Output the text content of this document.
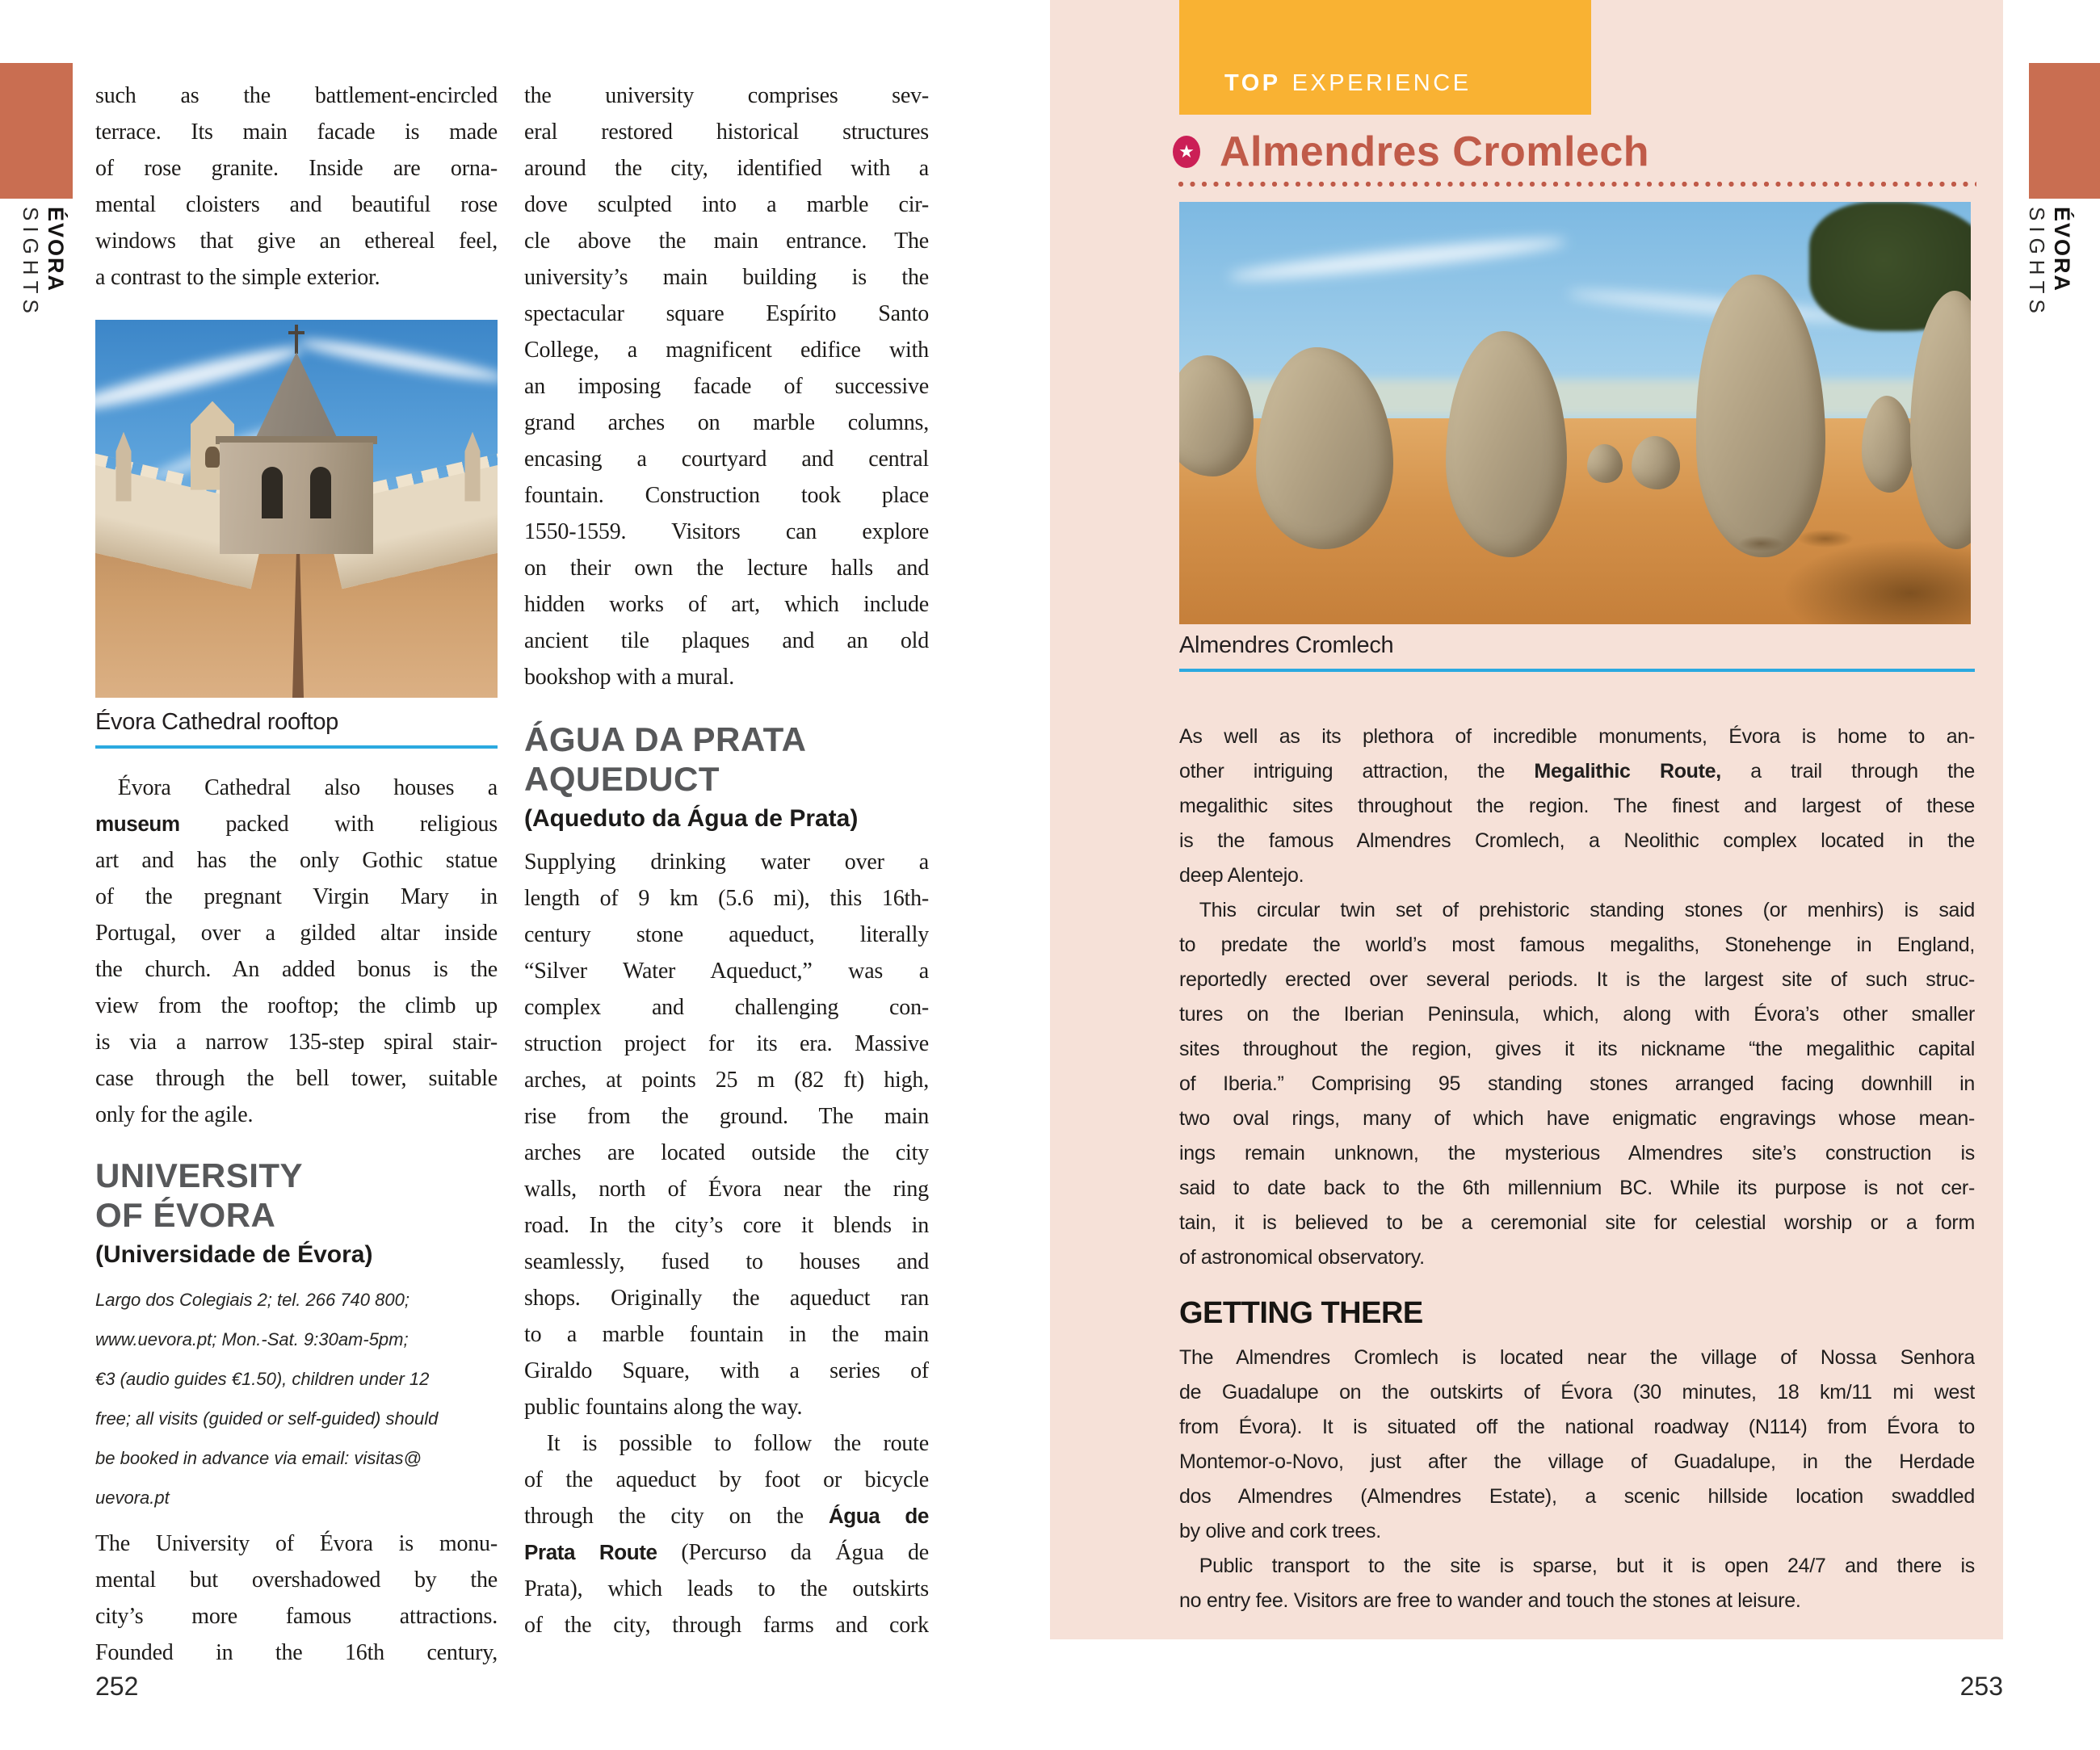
ÉVORA
SIGHTS
such as the battlement-encircled
terrace. Its main facade is made
of rose granite. Inside are orna-
mental cloisters and beautiful rose
windows that give an ethereal feel,
a contrast to the simple exterior.
Évora Cathedral rooftop
 Évora Cathedral also houses a
museum packed with religious
art and has the only Gothic statue
of the pregnant Virgin Mary in
Portugal, over a gilded altar inside
the church. An added bonus is the
view from the rooftop; the climb up
is via a narrow 135-step spiral stair-
case through the bell tower, suitable
only for the agile.
UNIVERSITY
OF ÉVORA
(Universidade de Évora)
Largo dos Colegiais 2; tel. 266 740 800;
www.uevora.pt; Mon.-Sat. 9:30am-5pm;
€3 (audio guides €1.50), children under 12
free; all visits (guided or self-guided) should
be booked in advance via email: visitas@
uevora.pt
The University of Évora is monu-
mental but overshadowed by the
city’s more famous attractions.
Founded in the 16th century,
the university comprises sev-
eral restored historical structures
around the city, identified with a
dove sculpted into a marble cir-
cle above the main entrance. The
university’s main building is the
spectacular square Espírito Santo
College, a magnificent edifice with
an imposing facade of successive
grand arches on marble columns,
encasing a courtyard and central
fountain. Construction took place
1550-1559. Visitors can explore
on their own the lecture halls and
hidden works of art, which include
ancient tile plaques and an old
bookshop with a mural.
ÁGUA DA PRATA
AQUEDUCT
(Aqueduto da Água de Prata)
Supplying drinking water over a
length of 9 km (5.6 mi), this 16th-
century stone aqueduct, literally
“Silver Water Aqueduct,” was a
complex and challenging con-
struction project for its era. Massive
arches, at points 25 m (82 ft) high,
rise from the ground. The main
arches are located outside the city
walls, north of Évora near the ring
road. In the city’s core it blends in
seamlessly, fused to houses and
shops. Originally the aqueduct ran
to a marble fountain in the main
Giraldo Square, with a series of
public fountains along the way.
 It is possible to follow the route
of the aqueduct by foot or bicycle
through the city on the Água de
Prata Route (Percurso da Água de
Prata), which leads to the outskirts
of the city, through farms and cork
252
TOP EXPERIENCE
★ Almendres Cromlech
Almendres Cromlech
As well as its plethora of incredible monuments, Évora is home to an-
other intriguing attraction, the Megalithic Route, a trail through the
megalithic sites throughout the region. The finest and largest of these
is the famous Almendres Cromlech, a Neolithic complex located in the
deep Alentejo.
 This circular twin set of prehistoric standing stones (or menhirs) is said
to predate the world’s most famous megaliths, Stonehenge in England,
reportedly erected over several periods. It is the largest site of such struc-
tures on the Iberian Peninsula, which, along with Évora’s other smaller
sites throughout the region, gives it its nickname “the megalithic capital
of Iberia.” Comprising 95 standing stones arranged facing downhill in
two oval rings, many of which have enigmatic engravings whose mean-
ings remain unknown, the mysterious Almendres site’s construction is
said to date back to the 6th millennium BC. While its purpose is not cer-
tain, it is believed to be a ceremonial site for celestial worship or a form
of astronomical observatory.
GETTING THERE
The Almendres Cromlech is located near the village of Nossa Senhora
de Guadalupe on the outskirts of Évora (30 minutes, 18 km/11 mi west
from Évora). It is situated off the national roadway (N114) from Évora to
Montemor-o-Novo, just after the village of Guadalupe, in the Herdade
dos Almendres (Almendres Estate), a scenic hillside location swaddled
by olive and cork trees.
 Public transport to the site is sparse, but it is open 24/7 and there is
no entry fee. Visitors are free to wander and touch the stones at leisure.
ÉVORA
SIGHTS
253
